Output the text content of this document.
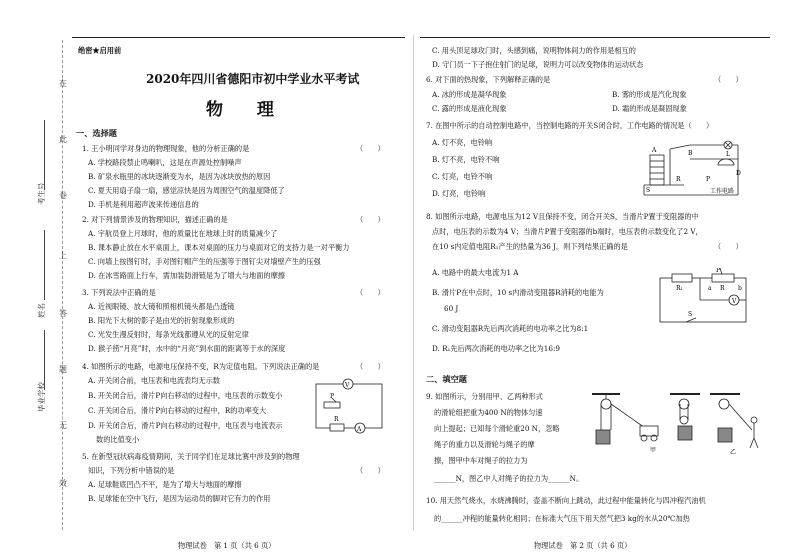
在
此
卷
上
答
题
无
效
考生号
姓名
毕业学校
绝密★启用前
2020年四川省德阳市初中学业水平考试
物 理
一、选择题
1. 王小明同学对身边的物理现象，他的分析正确的是	（　　）
A. 学校路段禁止鸣喇叭，这是在声源处控制噪声
B. 矿泉水瓶里的冰块逐渐变为水，是因为冰块放热的原因
C. 夏天用扇子扇一扇，感觉凉快是因为周围空气的温度降低了
D. 手机是利用超声波来传递信息的
2. 对下列情景涉及的物理知识，描述正确的是	（　　）
A. 宇航员登上月球时，他的质量比在地球上时的质量减少了
B. 课本静止放在水平桌面上，课本对桌面的压力与桌面对它的支持力是一对平衡力
C. 向墙上按图钉时，手对图钉帽产生的压强等于图钉尖对墙壁产生的压强
D. 在冰雪路面上行车，需加装防滑链是为了增大与地面的摩擦
3. 下列说法中正确的是	（　　）
A. 近视眼镜、放大镜和照相机镜头都是凸透镜
B. 阳光下大树的影子是由光的折射现象形成的
C. 光发生漫反射时，每条光线都遵从光的反射定律
D. 猴子捞“月亮”时，水中的“月亮”到水面的距离等于水的深度
4. 如图所示的电路，电源电压保持不变，R为定值电阻。下列说法正确的是	（　　）
A. 开关闭合前，电压表和电流表均无示数
B. 开关闭合后，滑片P向右移动的过程中，电压表的示数变小
C. 开关闭合后，滑片P向右移动的过程中，R的功率变大
D. 开关闭合后，滑片P向右移动的过程中，电压表与电流表示
数的比值变小
5. 在新型冠状病毒疫情期间，关于同学们在足球比赛中涉及到的物理
知识，下列分析中错误的是	（　　）
A. 足球鞋底凹凸不平，是为了增大与地面的摩擦
B. 足球能在空中飞行，是因为运动员的脚对它有力的作用
V
A
R
P
物理试卷　第 1 页（共 6 页）
C. 用头顶足球攻门时，头感到痛，说明物体间力的作用是相互的
D. 守门员一下子抱住射门的足球，说明力可以改变物体的运动状态
6. 对下面的热现象，下列解释正确的是	（　　）
A. 冰的形成是凝华现象	B. 雾的形成是汽化现象
C. 露的形成是液化现象	D. 霜的形成是凝固现象
7. 在图中所示的自动控制电路中，当控制电路的开关S闭合时，工作电路的情况是（　　）
A. 灯不亮，电铃响
B. 灯不亮，电铃不响
C. 灯亮，电铃不响
D. 灯亮，电铃响
A	B	L
S
P
R
D
工作电路
8. 如图所示电路，电源电压为12 V且保持不变，闭合开关S，当滑片P置于变阻器的中
点时，电压表的示数为4 V；当滑片P置于变阻器的b端时，电压表的示数变化了2 V，
在10 s内定值电阻R₁产生的热量为36 J。则下列结果正确的是	（　　）
A. 电路中的最大电流为1 A
B. 滑片P在中点时，10 s内滑动变阻器R消耗的电能为
60 J
C. 滑动变阻器R先后两次消耗的电功率之比为8:1
D. R₁先后两次消耗的电功率之比为16:9
R₁
P
R
V
S
a	b
二、填空题
9. 如图所示，分别用甲、乙两种形式
的滑轮组把重为400 N的物体匀速
向上提起；已知每个滑轮重20 N，忽略
绳子的重力以及滑轮与绳子的摩
擦，图甲中车对绳子的拉力为
______N，图乙中人对绳子的拉力为______N。
甲	乙
10. 用天然气烧水，水烧沸腾时，壶盖不断向上跳动，此过程中能量转化与四冲程汽油机
的______冲程的能量转化相同；在标准大气压下用天然气把3 kg的水从20℃加热
物理试卷　第 2 页（共 6 页）
